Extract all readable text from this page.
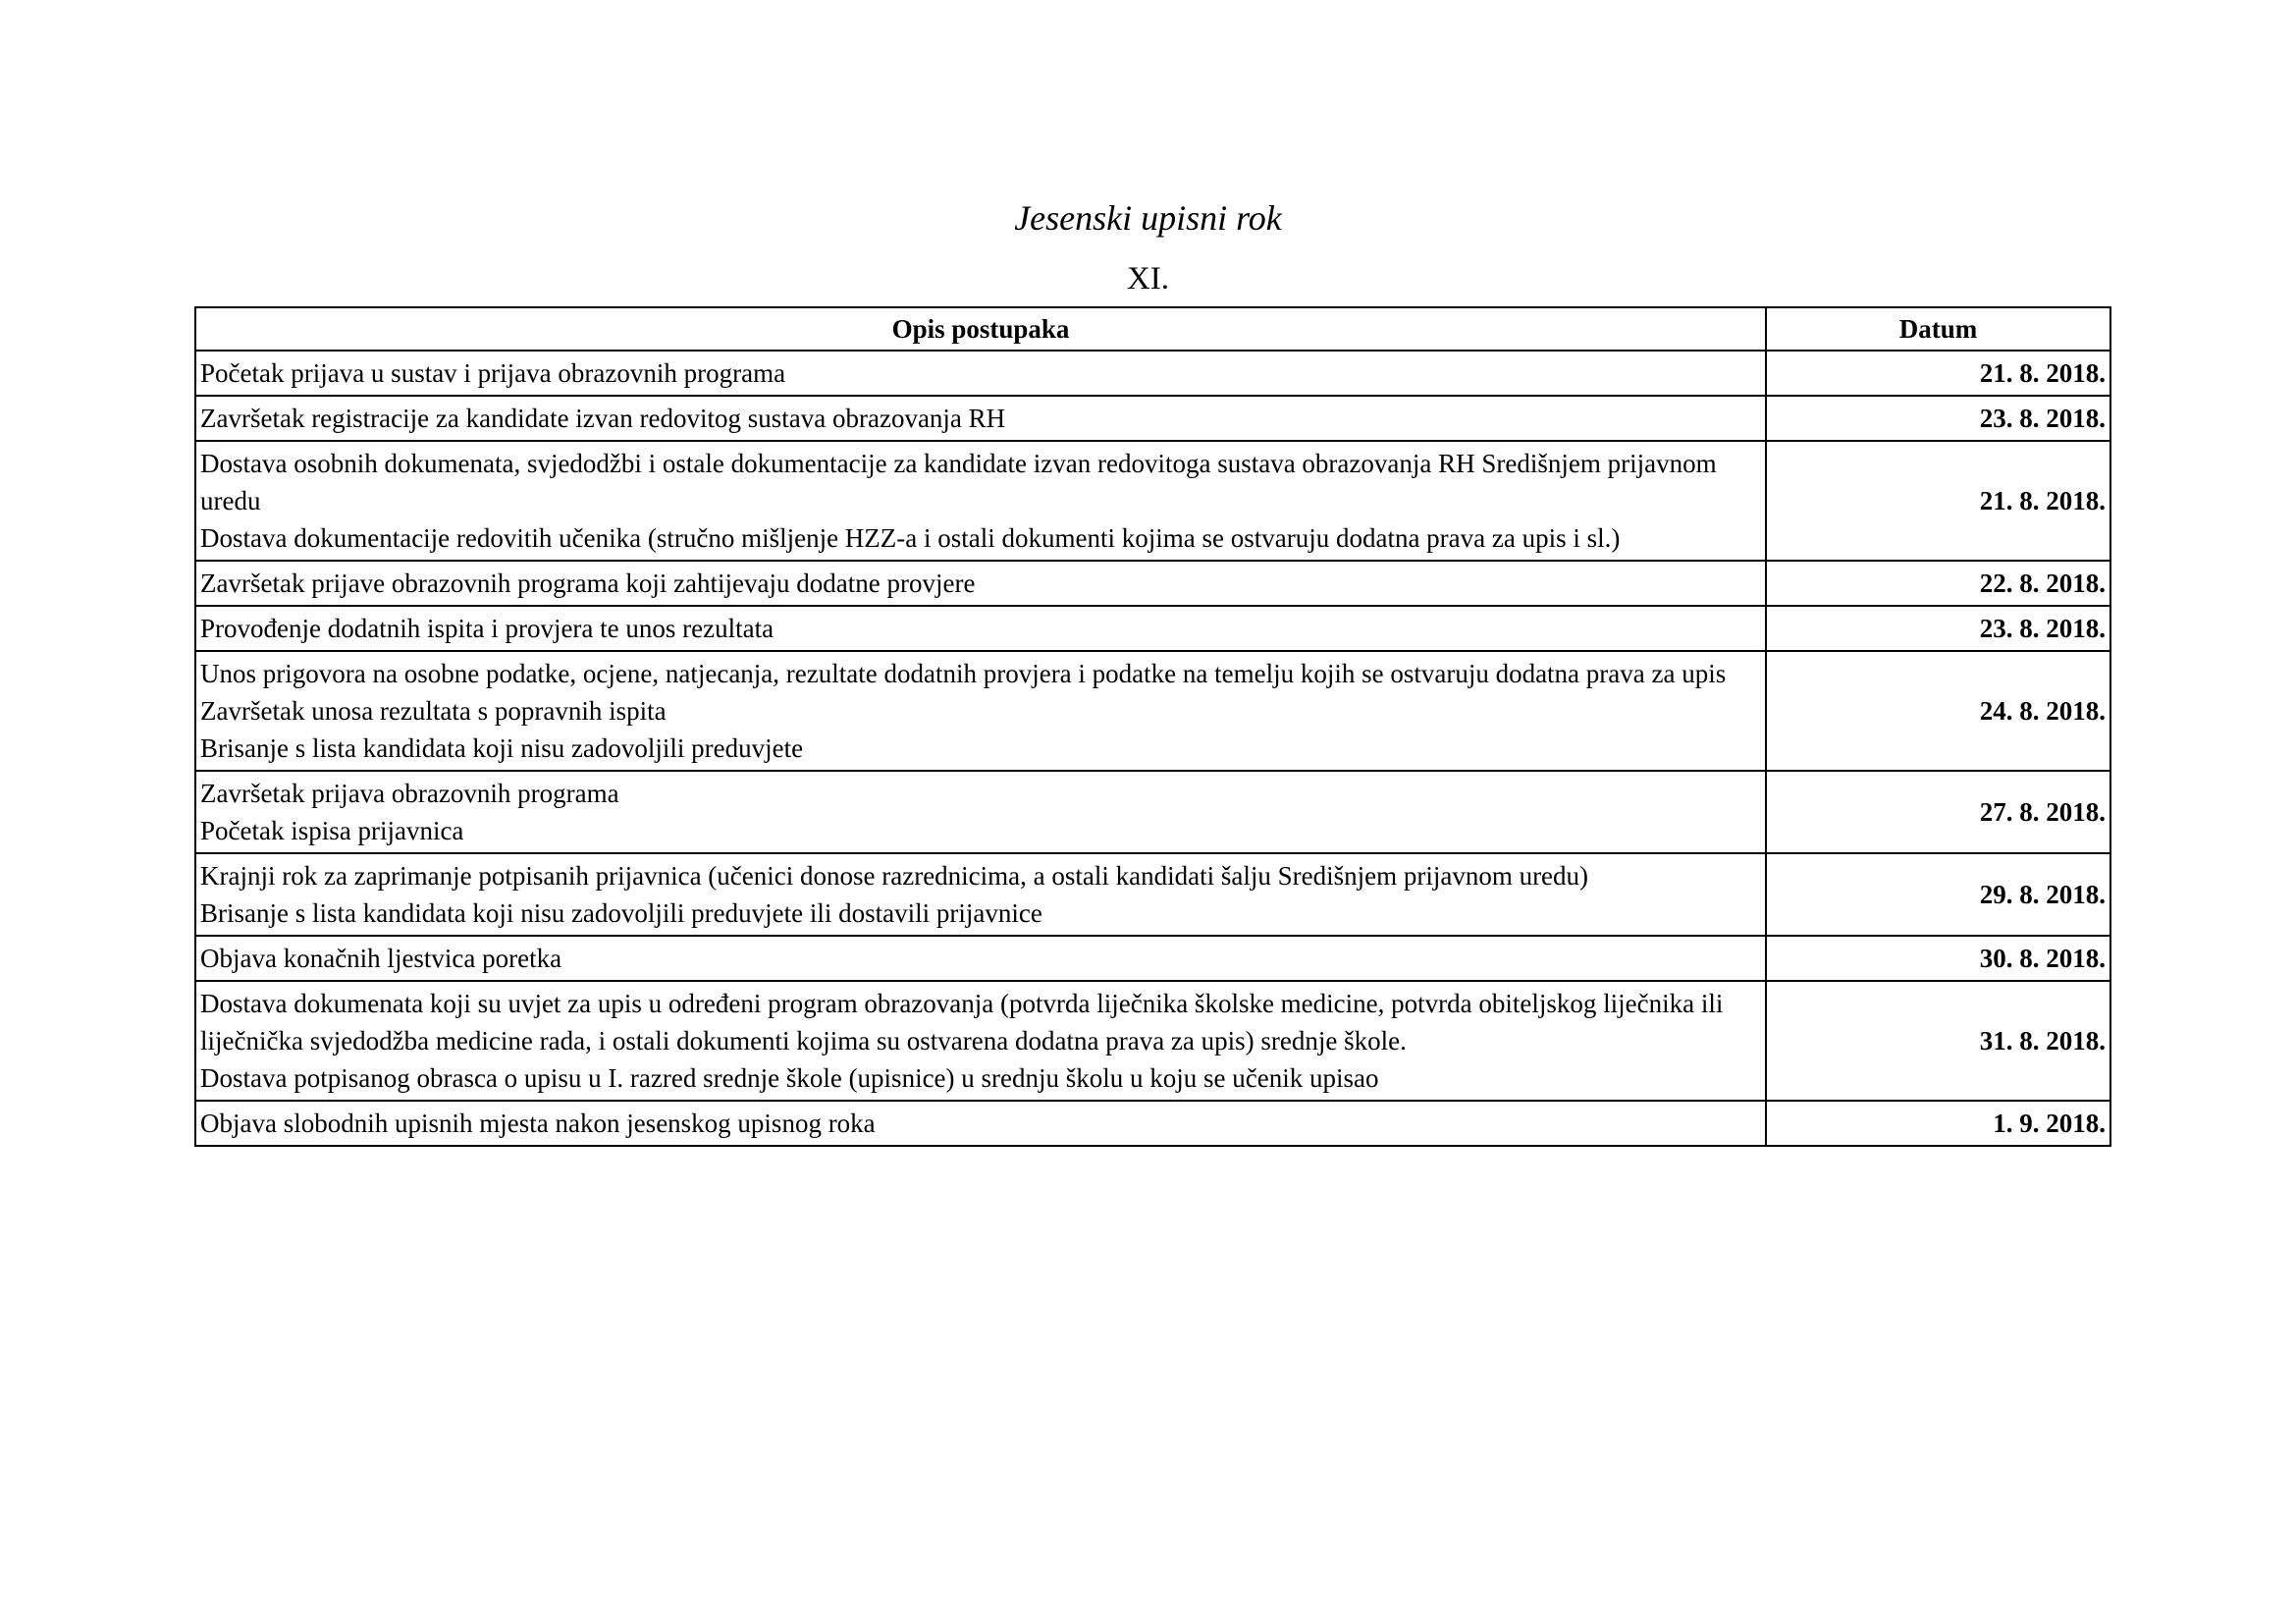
Jesenski upisni rok
XI.
Opis postupaka	Datum

Početak prijava u sustav i prijava obrazovnih programa	21. 8. 2018.

Završetak registracije za kandidate izvan redovitog sustava obrazovanja RH	23. 8. 2018.

Dostava osobnih dokumenata, svjedodžbi i ostale dokumentacije za kandidate izvan redovitoga sustava obrazovanja RH Središnjem prijavnom uredu
Dostava dokumentacije redovitih učenika (stručno mišljenje HZZ-a i ostali dokumenti kojima se ostvaruju dodatna prava za upis i sl.)	21. 8. 2018.

Završetak prijave obrazovnih programa koji zahtijevaju dodatne provjere	22. 8. 2018.

Provođenje dodatnih ispita i provjera te unos rezultata	23. 8. 2018.

Unos prigovora na osobne podatke, ocjene, natjecanja, rezultate dodatnih provjera i podatke na temelju kojih se ostvaruju dodatna prava za upis
Završetak unosa rezultata s popravnih ispita
Brisanje s lista kandidata koji nisu zadovoljili preduvjete	24. 8. 2018.

Završetak prijava obrazovnih programa
Početak ispisa prijavnica	27. 8. 2018.

Krajnji rok za zaprimanje potpisanih prijavnica (učenici donose razrednicima, a ostali kandidati šalju Središnjem prijavnom uredu)
Brisanje s lista kandidata koji nisu zadovoljili preduvjete ili dostavili prijavnice	29. 8. 2018.

Objava konačnih ljestvica poretka	30. 8. 2018.

Dostava dokumenata koji su uvjet za upis u određeni program obrazovanja (potvrda liječnika školske medicine, potvrda obiteljskog liječnika ili liječnička svjedodžba medicine rada, i ostali dokumenti kojima su ostvarena dodatna prava za upis) srednje škole.
Dostava potpisanog obrasca o upisu u I. razred srednje škole (upisnice) u srednju školu u koju se učenik upisao	31. 8. 2018.

Objava slobodnih upisnih mjesta nakon jesenskog upisnog roka	1. 9. 2018.
